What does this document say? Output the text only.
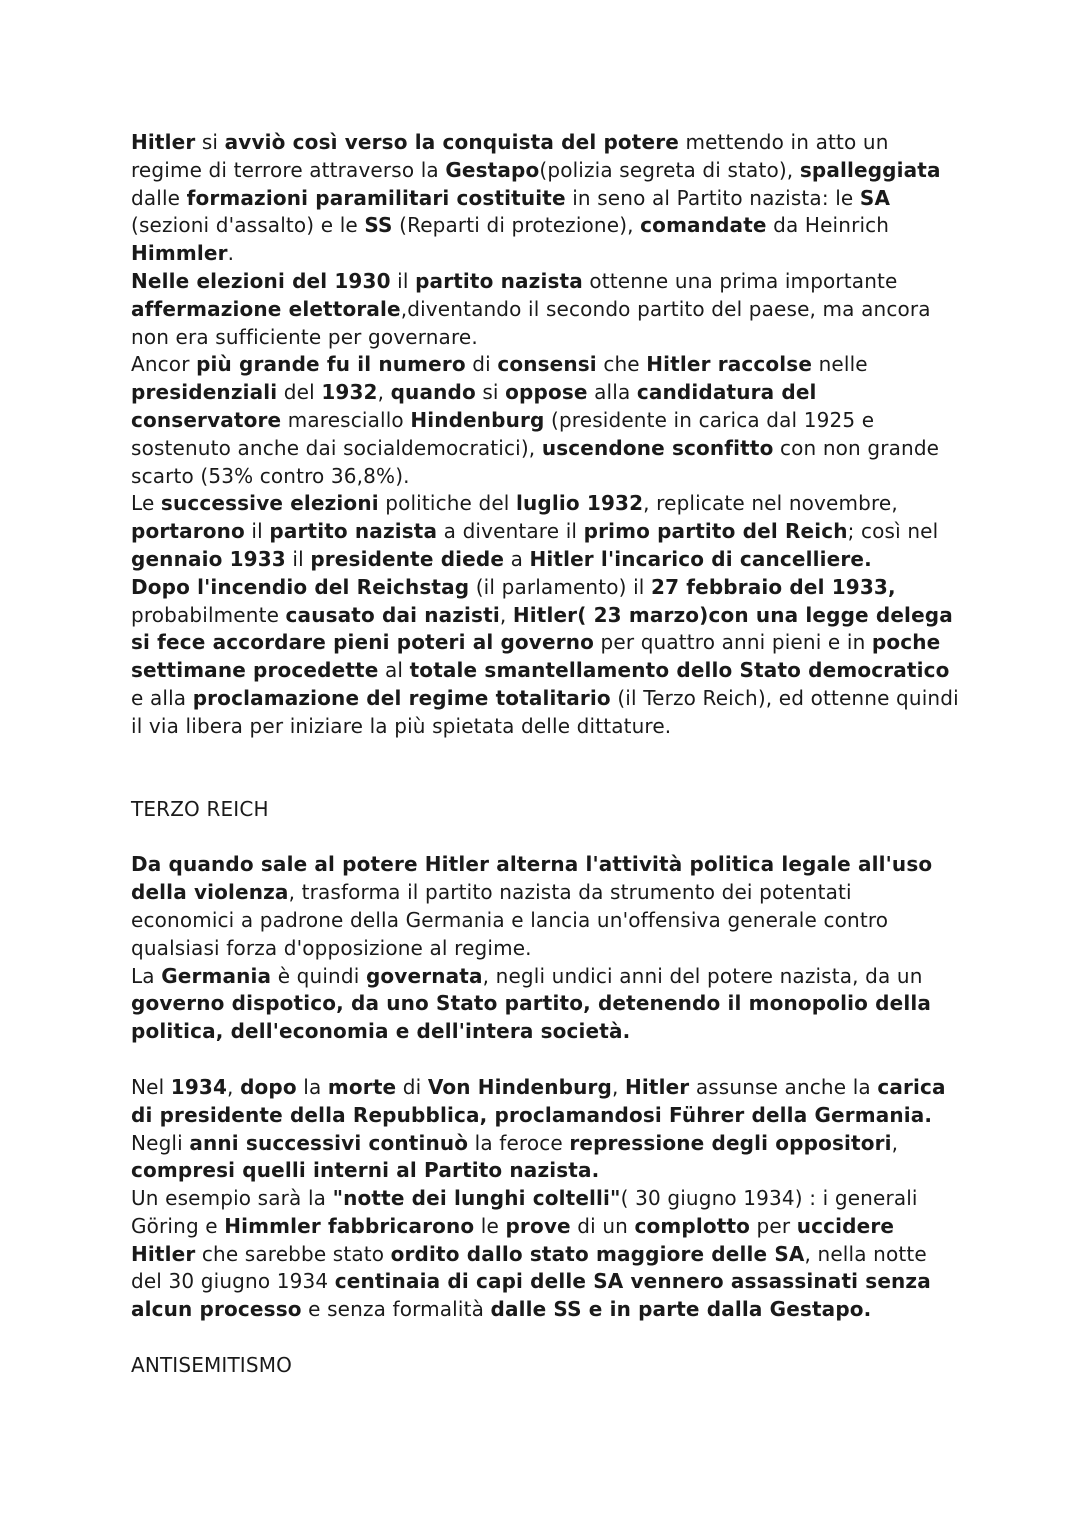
Hitler si avviò così verso la conquista del potere mettendo in atto un regime di terrore attraverso la Gestapo(polizia segreta di stato), spalleggiata dalle formazioni paramilitari costituite in seno al Partito nazista: le SA (sezioni d'assalto) e le SS (Reparti di protezione), comandate da Heinrich Himmler.

Nelle elezioni del 1930 il partito nazista ottenne una prima importante affermazione elettorale,diventando il secondo partito del paese, ma ancora non era sufficiente per governare.

Ancor più grande fu il numero di consensi che Hitler raccolse nelle presidenziali del 1932, quando si oppose alla candidatura del conservatore maresciallo Hindenburg (presidente in carica dal 1925 e sostenuto anche dai socialdemocratici), uscendone sconfitto con non grande scarto (53% contro 36,8%).

Le successive elezioni politiche del luglio 1932, replicate nel novembre, portarono il partito nazista a diventare il primo partito del Reich; così nel gennaio 1933 il presidente diede a Hitler l'incarico di cancelliere.

Dopo l'incendio del Reichstag (il parlamento) il 27 febbraio del 1933, probabilmente causato dai nazisti, Hitler( 23 marzo)con una legge delega si fece accordare pieni poteri al governo per quattro anni pieni e in poche settimane procedette al totale smantellamento dello Stato democratico e alla proclamazione del regime totalitario (il Terzo Reich), ed ottenne quindi il via libera per iniziare la più spietata delle dittature.

TERZO REICH

Da quando sale al potere Hitler alterna l'attività politica legale all'uso della violenza, trasforma il partito nazista da strumento dei potentati economici a padrone della Germania e lancia un'offensiva generale contro qualsiasi forza d'opposizione al regime.

La Germania è quindi governata, negli undici anni del potere nazista, da un governo dispotico, da uno Stato partito, detenendo il monopolio della politica, dell'economia e dell'intera società.

Nel 1934, dopo la morte di Von Hindenburg, Hitler assunse anche la carica di presidente della Repubblica, proclamandosi Führer della Germania.

Negli anni successivi continuò la feroce repressione degli oppositori, compresi quelli interni al Partito nazista.

Un esempio sarà la "notte dei lunghi coltelli"( 30 giugno 1934) : i generali Göring e Himmler fabbricarono le prove di un complotto per uccidere Hitler che sarebbe stato ordito dallo stato maggiore delle SA, nella notte del 30 giugno 1934 centinaia di capi delle SA vennero assassinati senza alcun processo e senza formalità dalle SS e in parte dalla Gestapo.

ANTISEMITISMO
